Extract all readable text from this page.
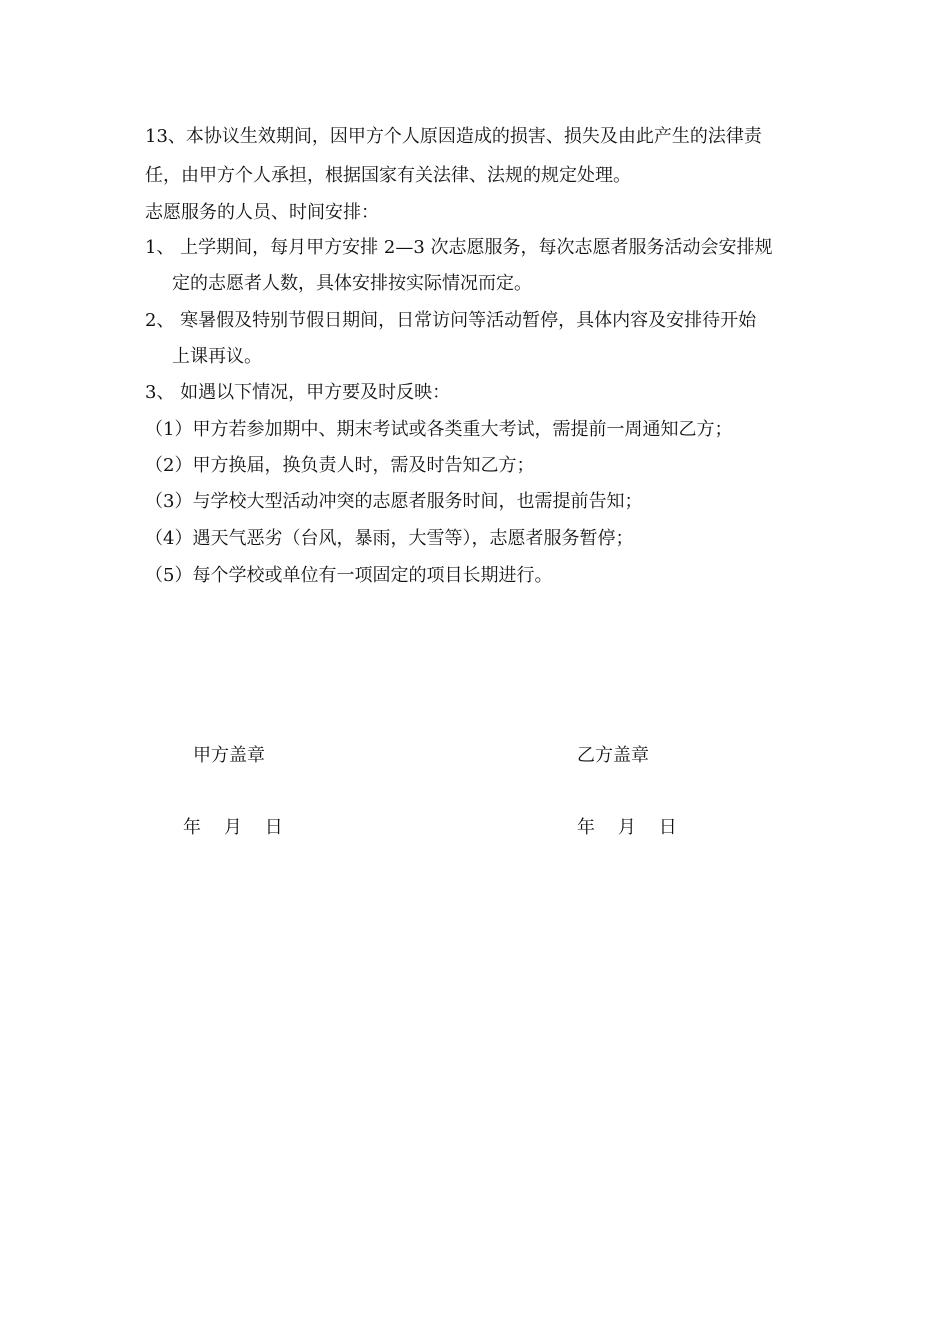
13、本协议生效期间，因甲方个人原因造成的损害、损失及由此产生的法律责
任，由甲方个人承担，根据国家有关法律、法规的规定处理。
志愿服务的人员、时间安排：
1、 上学期间，每月甲方安排 2—3 次志愿服务，每次志愿者服务活动会安排规
定的志愿者人数，具体安排按实际情况而定。
2、 寒暑假及特别节假日期间，日常访问等活动暂停，具体内容及安排待开始
上课再议。
3、 如遇以下情况，甲方要及时反映：
（1）甲方若参加期中、期末考试或各类重大考试，需提前一周通知乙方；
（2）甲方换届，换负责人时，需及时告知乙方；
（3）与学校大型活动冲突的志愿者服务时间，也需提前告知；
（4）遇天气恶劣（台风，暴雨，大雪等），志愿者服务暂停；
（5）每个学校或单位有一项固定的项目长期进行。
甲方盖章	乙方盖章
年    月    日	年    月    日
